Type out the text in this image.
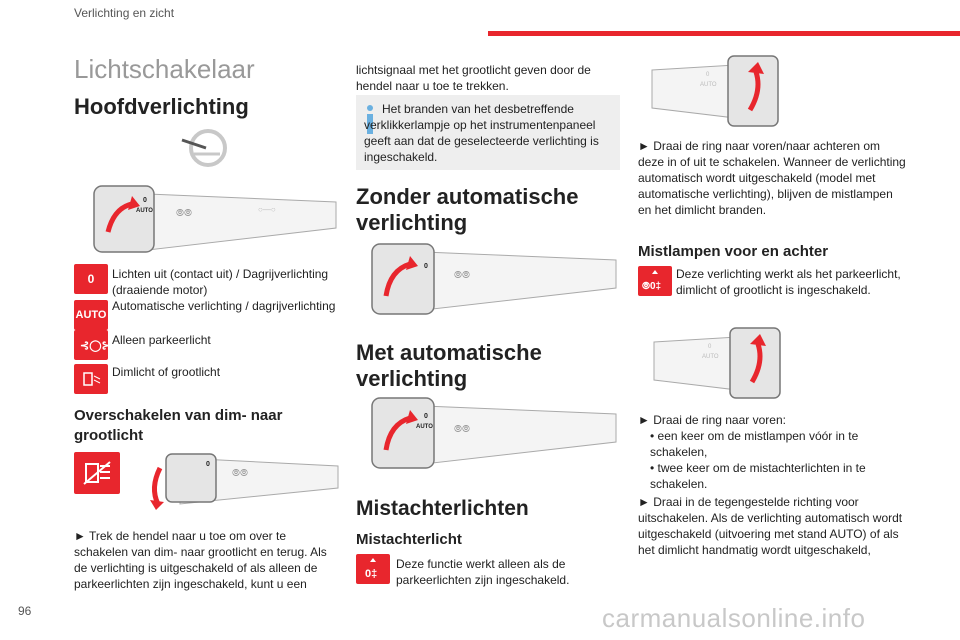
Verlichting en zicht
Lichtschakelaar
Hoofdverlichting
0
AUTO ⦾⦾	○—○
0 Lichten uit (contact uit) / Dagrijverlichting (draaiende motor)
AUTO
Automatische verlichting / dagrijverlichting
⊰◯⊱ Alleen parkeerlicht
Dimlicht of grootlicht
Overschakelen van dim- naar grootlicht
0
⦾⦾
► Trek de hendel naar u toe om over te schakelen van dim- naar grootlicht en terug. Als de verlichting is uitgeschakeld of als alleen de parkeerlichten zijn ingeschakeld, kunt u een
lichtsignaal met het grootlicht geven door de hendel naar u toe te trekken.
Het branden van het desbetreffende verklikkerlampje op het instrumentenpaneel geeft aan dat de geselecteerde verlichting is ingeschakeld.
Zonder automatische verlichting
0
⦾⦾
Met automatische verlichting
0
AUTO ⦾⦾
Mistachterlichten
Mistachterlicht
0‡
Deze functie werkt alleen als de parkeerlichten zijn ingeschakeld.
0
AUTO
► Draai de ring naar voren/naar achteren om deze in of uit te schakelen. Wanneer de verlichting automatisch wordt uitgeschakeld (model met automatische verlichting), blijven de mistlampen en het dimlicht branden.
Mistlampen voor en achter
⦾0‡
Deze verlichting werkt als het parkeerlicht, dimlicht of grootlicht is ingeschakeld.
0
AUTO
► Draai de ring naar voren:
• een keer om de mistlampen vóór in te schakelen,
• twee keer om de mistachterlichten in te schakelen.
► Draai in de tegengestelde richting voor uitschakelen. Als de verlichting automatisch wordt uitgeschakeld (uitvoering met stand AUTO) of als het dimlicht handmatig wordt uitgeschakeld,
96	carmanualsonline.info
